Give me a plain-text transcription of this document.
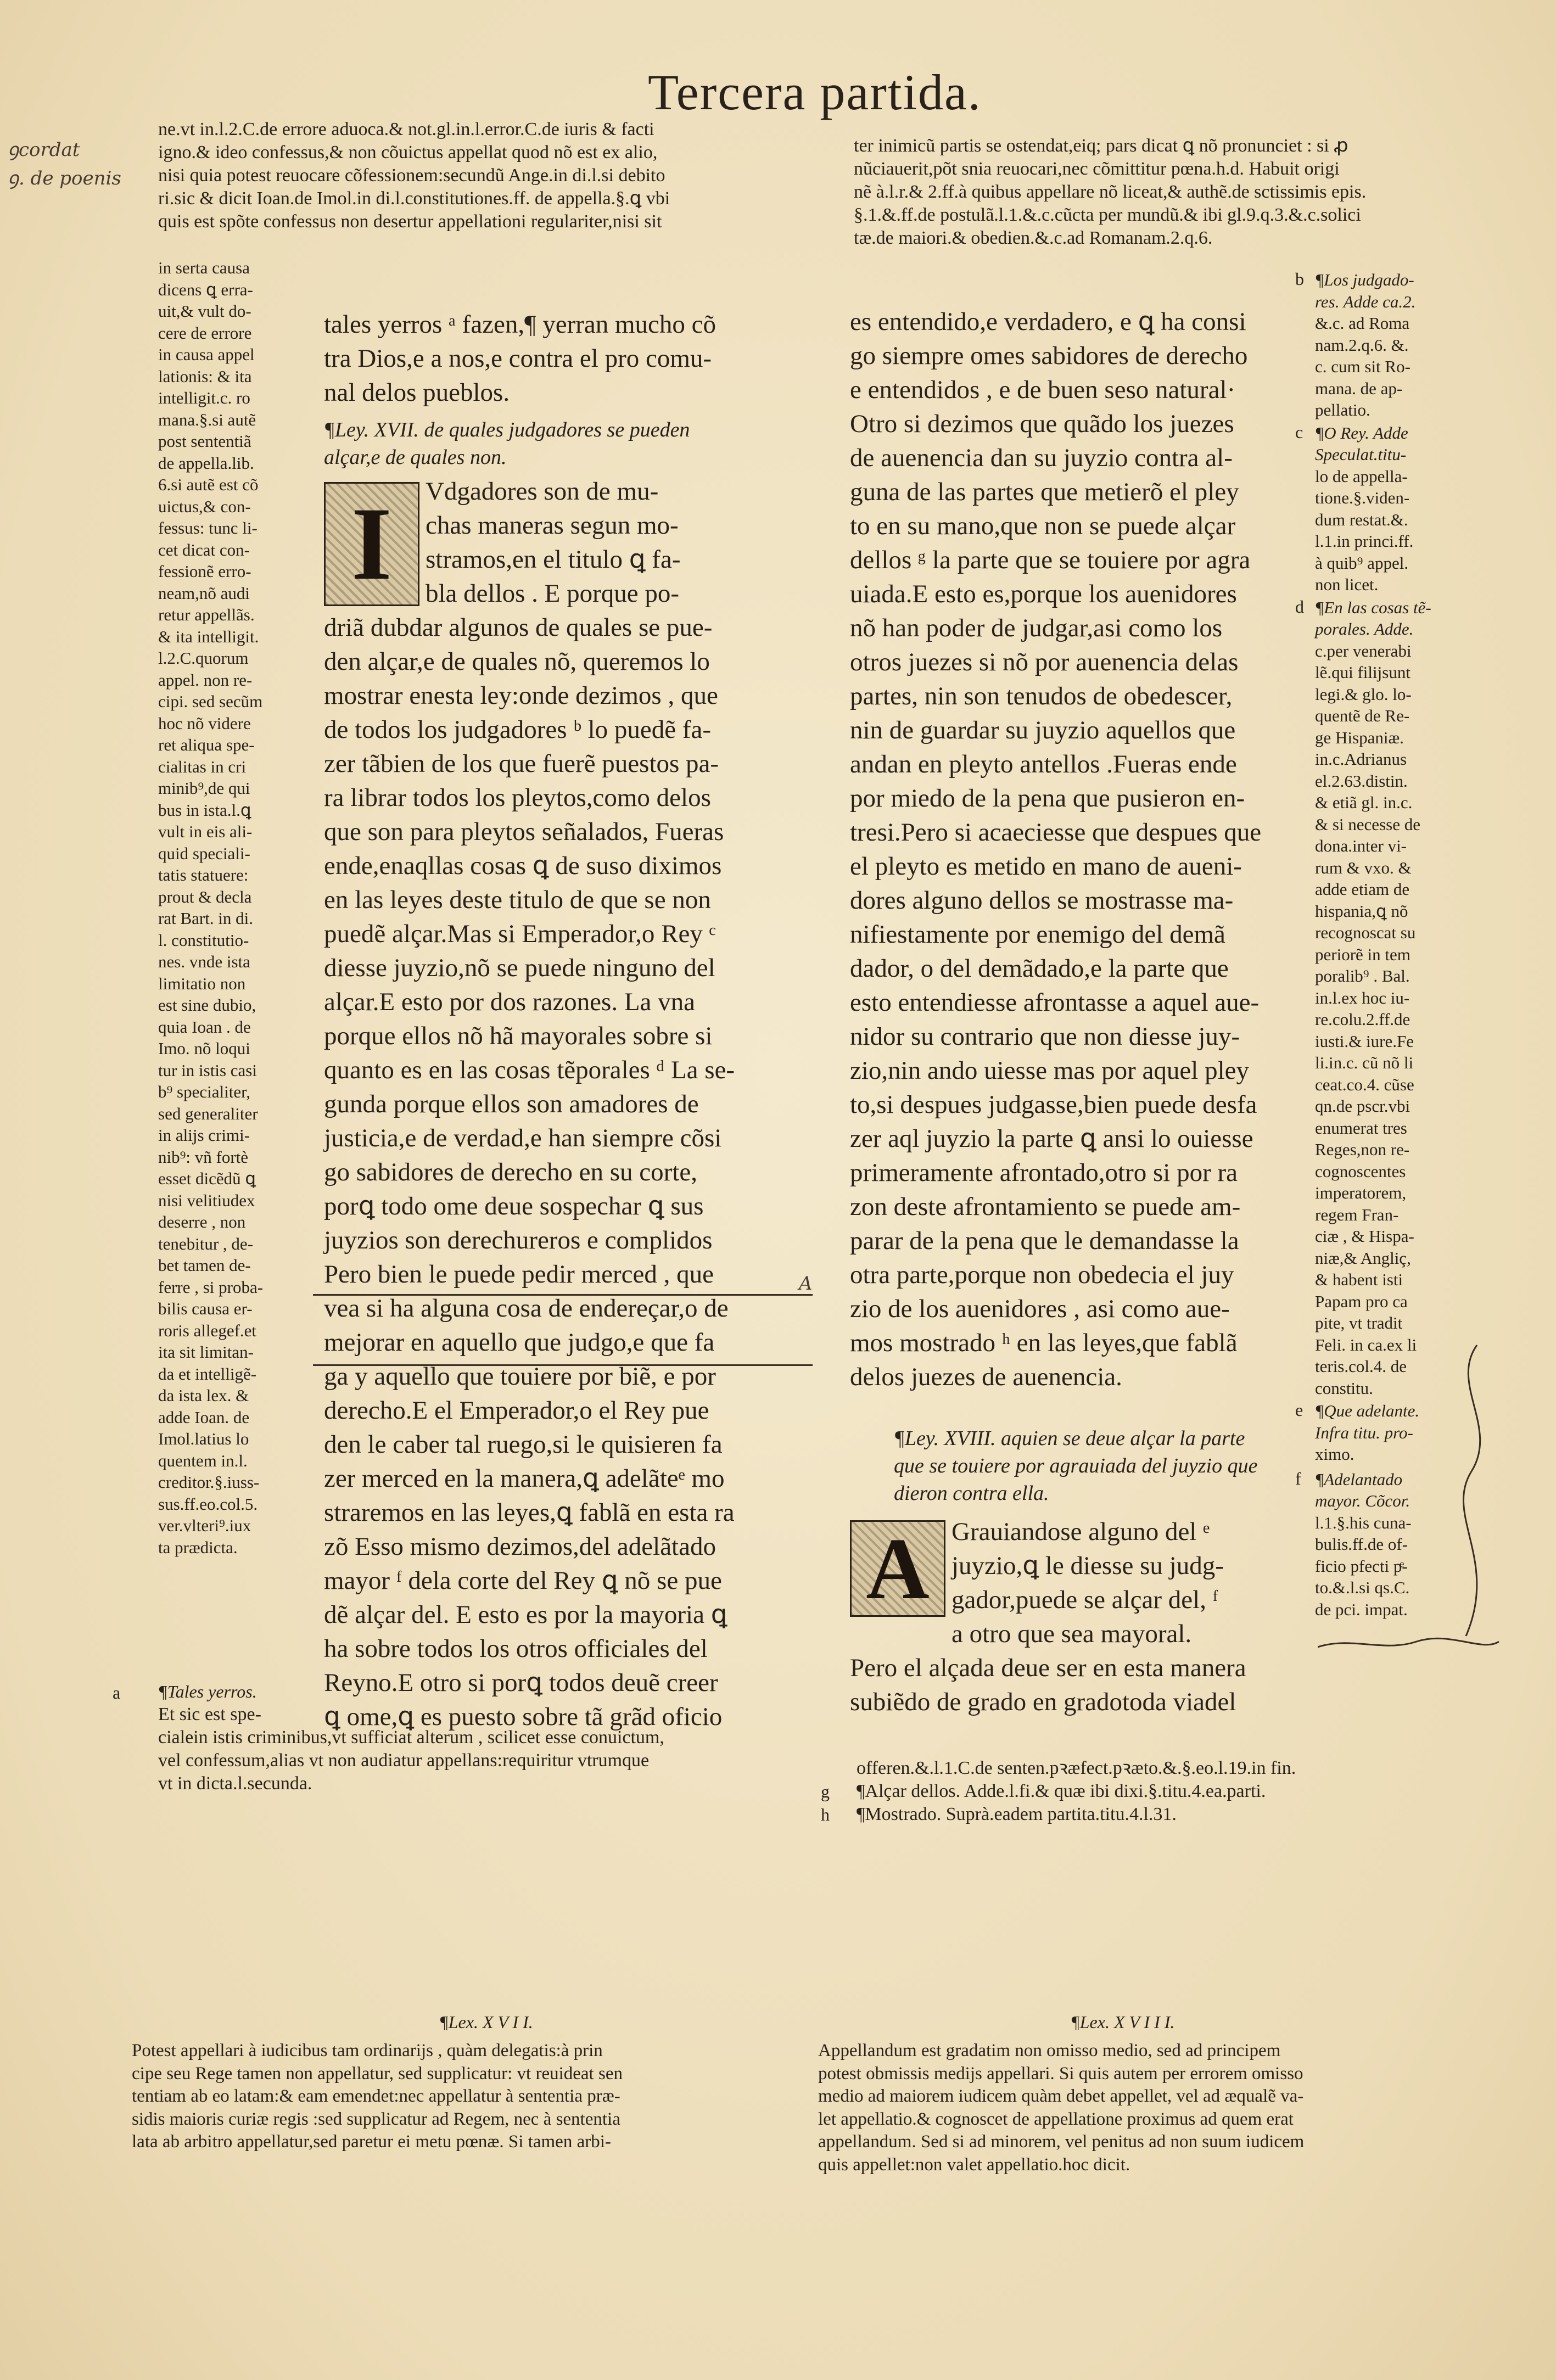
Tercera partida.
ꝯcordat
ꝯ. de poenis
ne.vt in.l.2.C.de errore aduoca.& not.gl.in.l.error.C.de iuris & facti
igno.& ideo confessus,& non cõuictus appellat quod nõ est ex alio,
nisi quia potest reuocare cõfessionem:secundũ Ange.in di.l.si debito
ri.sic & dicit Ioan.de Imol.in di.l.constitutiones.ff. de appella.§.ꝗ vbi
quis est spõte confessus non desertur appellationi regulariter,nisi sit
ter inimicũ partis se ostendat,eiq; pars dicat ꝗ nõ pronunciet : si ꝓ
nũciauerit,põt snia reuocari,nec cõmittitur pœna.h.d. Habuit origi
nẽ à.l.r.& 2.ff.à quibus appellare nõ liceat,& authẽ.de sctissimis epis.
§.1.&.ff.de postulã.l.1.&.c.cũcta per mundũ.& ibi gl.9.q.3.&.c.solici
tæ.de maiori.& obedien.&.c.ad Romanam.2.q.6.
in serta causa
dicens ꝗ erra-
uit,& vult do-
cere de errore
in causa appel
lationis: & ita
intelligit.c. ro
mana.§.si autẽ
post sententiã
de appella.lib.
6.si autẽ est cõ
uictus,& con-
fessus: tunc li-
cet dicat con-
fessionẽ erro-
neam,nõ audi
retur appellãs.
& ita intelligit.
l.2.C.quorum
appel. non re-
cipi. sed secũm
hoc nõ videre
ret aliqua spe-
cialitas in cri
minib⁹,de qui
bus in ista.l.ꝗ
vult in eis ali-
quid speciali-
tatis statuere:
prout & decla
rat Bart. in di.
l. constitutio-
nes. vnde ista
limitatio non
est sine dubio,
quia Ioan . de
Imo. nõ loqui
tur in istis casi
b⁹ specialiter,
sed generaliter
in alijs crimi-
nib⁹: vñ fortè
esset dicẽdũ ꝗ
nisi velitiudex
deserre , non
tenebitur , de-
bet tamen de-
ferre , si proba-
bilis causa er-
roris allegef.et
ita sit limitan-
da et intelligẽ-
da ista lex. &
adde Ioan. de
Imol.latius lo
quentem in.l.
creditor.§.iuss-
sus.ff.eo.col.5.
ver.vlteri⁹.iux
ta prædicta.
a ¶Tales yerros.
Et sic est spe-
cialein istis criminibus,vt sufficiat alterum , scilicet esse conuictum,
vel confessum,alias vt non audiatur appellans:requiritur vtrumque
vt in dicta.l.secunda.
tales yerros ᵃ fazen,¶ yerran mucho cõ
tra Dios,e a nos,e contra el pro comu-
nal delos pueblos.
¶Ley. XVII. de quales judgadores se pueden
alçar,e de quales non.
I	Vdgadores son de mu-
chas maneras segun mo-
stramos,en el titulo ꝗ fa-
bla dellos . E porque po-
driã dubdar algunos de quales se pue-
den alçar,e de quales nõ, queremos lo
mostrar enesta ley:onde dezimos , que
de todos los judgadores ᵇ lo puedẽ fa-
zer tãbien de los que fuerẽ puestos pa-
ra librar todos los pleytos,como delos
que son para pleytos señalados, Fueras
ende,enaqllas cosas ꝗ de suso diximos
en las leyes deste titulo de que se non
puedẽ alçar.Mas si Emperador,o Rey ᶜ
diesse juyzio,nõ se puede ninguno del
alçar.E esto por dos razones. La vna
porque ellos nõ hã mayorales sobre si
quanto es en las cosas tẽporales ᵈ La se-
gunda porque ellos son amadores de
justicia,e de verdad,e han siempre cõsi
go sabidores de derecho en su corte,
porꝗ todo ome deue sospechar ꝗ sus
juyzios son derechureros e complidos
Pero bien le puede pedir merced , que
vea si ha alguna cosa de endereçar,o de
mejorar en aquello que judgo,e que fa
ga y aquello que touiere por biẽ, e por
derecho.E el Emperador,o el Rey pue
den le caber tal ruego,si le quisieren fa
zer merced en la manera,ꝗ adelãteᵉ mo
straremos en las leyes,ꝗ fablã en esta ra
zõ Esso mismo dezimos,del adelãtado
mayor ᶠ dela corte del Rey ꝗ nõ se pue
dẽ alçar del. E esto es por la mayoria ꝗ
ha sobre todos los otros officiales del
Reyno.E otro si porꝗ todos deuẽ creer
ꝗ ome,ꝗ es puesto sobre tã grãd oficio
es entendido,e verdadero, e ꝗ ha consi
go siempre omes sabidores de derecho
e entendidos , e de buen seso natural·
Otro si dezimos que quãdo los juezes
de auenencia dan su juyzio contra al-
guna de las partes que metierõ el pley
to en su mano,que non se puede alçar
dellos ᵍ la parte que se touiere por agra
uiada.E esto es,porque los auenidores
nõ han poder de judgar,asi como los
otros juezes si nõ por auenencia delas
partes, nin son tenudos de obedescer,
nin de guardar su juyzio aquellos que
andan en pleyto antellos .Fueras ende
por miedo de la pena que pusieron en-
tresi.Pero si acaeciesse que despues que
el pleyto es metido en mano de auenі-
dores alguno dellos se mostrasse ma-
nifiestamente por enemigo del demã
dador, o del demãdado,e la parte que
esto entendiesse afrontasse a aquel aue-
nidor su contrario que non diesse juy-
zio,nin ando uiesse mas por aquel pley
to,si despues judgasse,bien puede desfa
zer aql juyzio la parte ꝗ ansi lo ouiesse
primeramente afrontado,otro si por ra
zon deste afrontamiento se puede am-
parar de la pena que le demandasse la
otra parte,porque non obedecia el juy
zio de los auenidores , asi como aue-
mos mostrado ʰ en las leyes,que fablã
delos juezes de auenencia.
¶Ley. XVIII. aquien se deue alçar la parte
que se touiere por agrauiada del juyzio que
dieron contra ella.
A Grauiandose alguno del ᵉ
juyzio,ꝗ le diesse su judg-
gador,puede se alçar del, ᶠ
a otro que sea mayoral.
Pero el alçada deue ser en esta manera
subiẽdo de grado en gradotoda viadel
offeren.&.l.1.C.de senten.pꝛæfect.pꝛæto.&.§.eo.l.19.in fin.
¶Alçar dellos. Adde.l.fi.& quæ ibi dixi.§.titu.4.ea.parti.
¶Mostrado. Suprà.eadem partita.titu.4.l.31.
g
h
b ¶Los judgado-
res. Adde ca.2.
&.c. ad Roma
nam.2.q.6. &.
c. cum sit Ro-
mana. de ap-
pellatio.
c ¶O Rey. Adde
Speculat.titu-
lo de appella-
tione.§.viden-
dum restat.&.
l.1.in princi.ff.
à quib⁹ appel.
non licet.
d ¶En las cosas tẽ-
porales. Adde.
c.per venerabi
lẽ.qui filijsunt
legi.& glo. lo-
quentẽ de Re-
ge Hispaniæ.
in.c.Adrianus
el.2.63.distin.
& etiã gl. in.c.
& si necesse de
dona.inter vi-
rum & vxo. &
adde etiam de
hispania,ꝗ nõ
recognoscat su
periorẽ in tem
poralib⁹ . Bal.
in.l.ex hoc iu-
re.colu.2.ff.de
iusti.& iure.Fe
li.in.c. cũ nõ li
ceat.co.4. cũse
qn.de pscr.vbi
enumerat tres
Reges,non re-
cognoscentes
imperatorem,
regem Fran-
ciæ , & Hispa-
niæ,& Angliç,
& habent isti
Papam pro ca
pite, vt tradit
Feli. in ca.ex li
teris.col.4. de
constitu.
e ¶Que adelante.
Infra titu. pro-
ximo.
f ¶Adelantado
mayor. Cõcor.
l.1.§.his cuna-
bulis.ff.de of-
ficio pfecti pͤ-
to.&.l.si qs.C.
de pci. impat.
A
¶Lex. X V I I.
Potest appellari à iudicibus tam ordinarijs , quàm delegatis:à prin
cipe seu Rege tamen non appellatur, sed supplicatur: vt reuideat sen
tentiam ab eo latam:& eam emendet:nec appellatur à sententia præ-
sidis maioris curiæ regis :sed supplicatur ad Regem, nec à sententia
lata ab arbitro appellatur,sed paretur ei metu pœnæ. Si tamen arbi-
¶Lex. X V I I I.
Appellandum est gradatim non omisso medio, sed ad principem
potest obmissis medijs appellari. Si quis autem per errorem omisso
medio ad maiorem iudicem quàm debet appellet, vel ad æqualẽ va-
let appellatio.& cognoscet de appellatione proximus ad quem erat
appellandum. Sed si ad minorem, vel penitus ad non suum iudicem
quis appellet:non valet appellatio.hoc dicit.
